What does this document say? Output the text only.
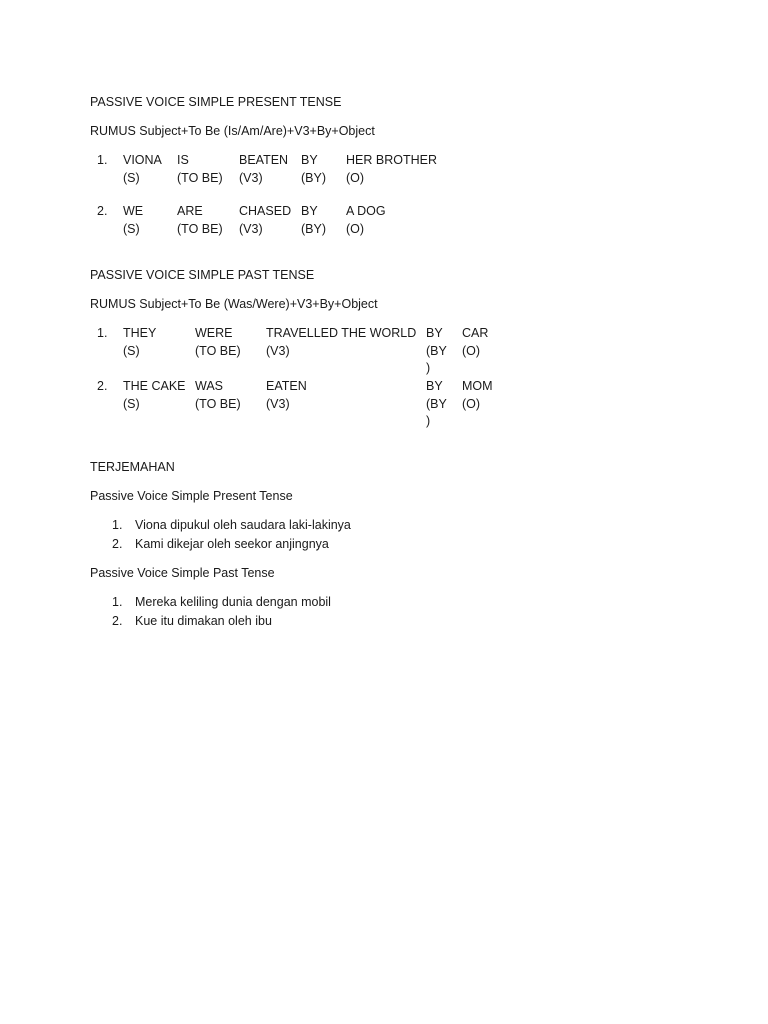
PASSIVE VOICE SIMPLE PRESENT TENSE
RUMUS Subject+To Be (Is/Am/Are)+V3+By+Object
1. VIONA
(S)
IS
(TO BE)
BEATEN
(V3)
BY
(BY)
HER BROTHER
(O)
2. WE
(S)
ARE
(TO BE)
CHASED
(V3)
BY
(BY)
A DOG
(O)
PASSIVE VOICE SIMPLE PAST TENSE
RUMUS Subject+To Be (Was/Were)+V3+By+Object
1. THEY
(S)
WERE
(TO BE)
TRAVELLED THE WORLD
(V3)
BY
(BY
)
CAR
(O)
2. THE CAKE
(S)
WAS
(TO BE)
EATEN
(V3)
BY
(BY
)
MOM
(O)
TERJEMAHAN
Passive Voice Simple Present Tense
1. Viona dipukul oleh saudara laki-lakinya
2. Kami dikejar oleh seekor anjingnya
Passive Voice Simple Past Tense
1. Mereka keliling dunia dengan mobil
2. Kue itu dimakan oleh ibu
